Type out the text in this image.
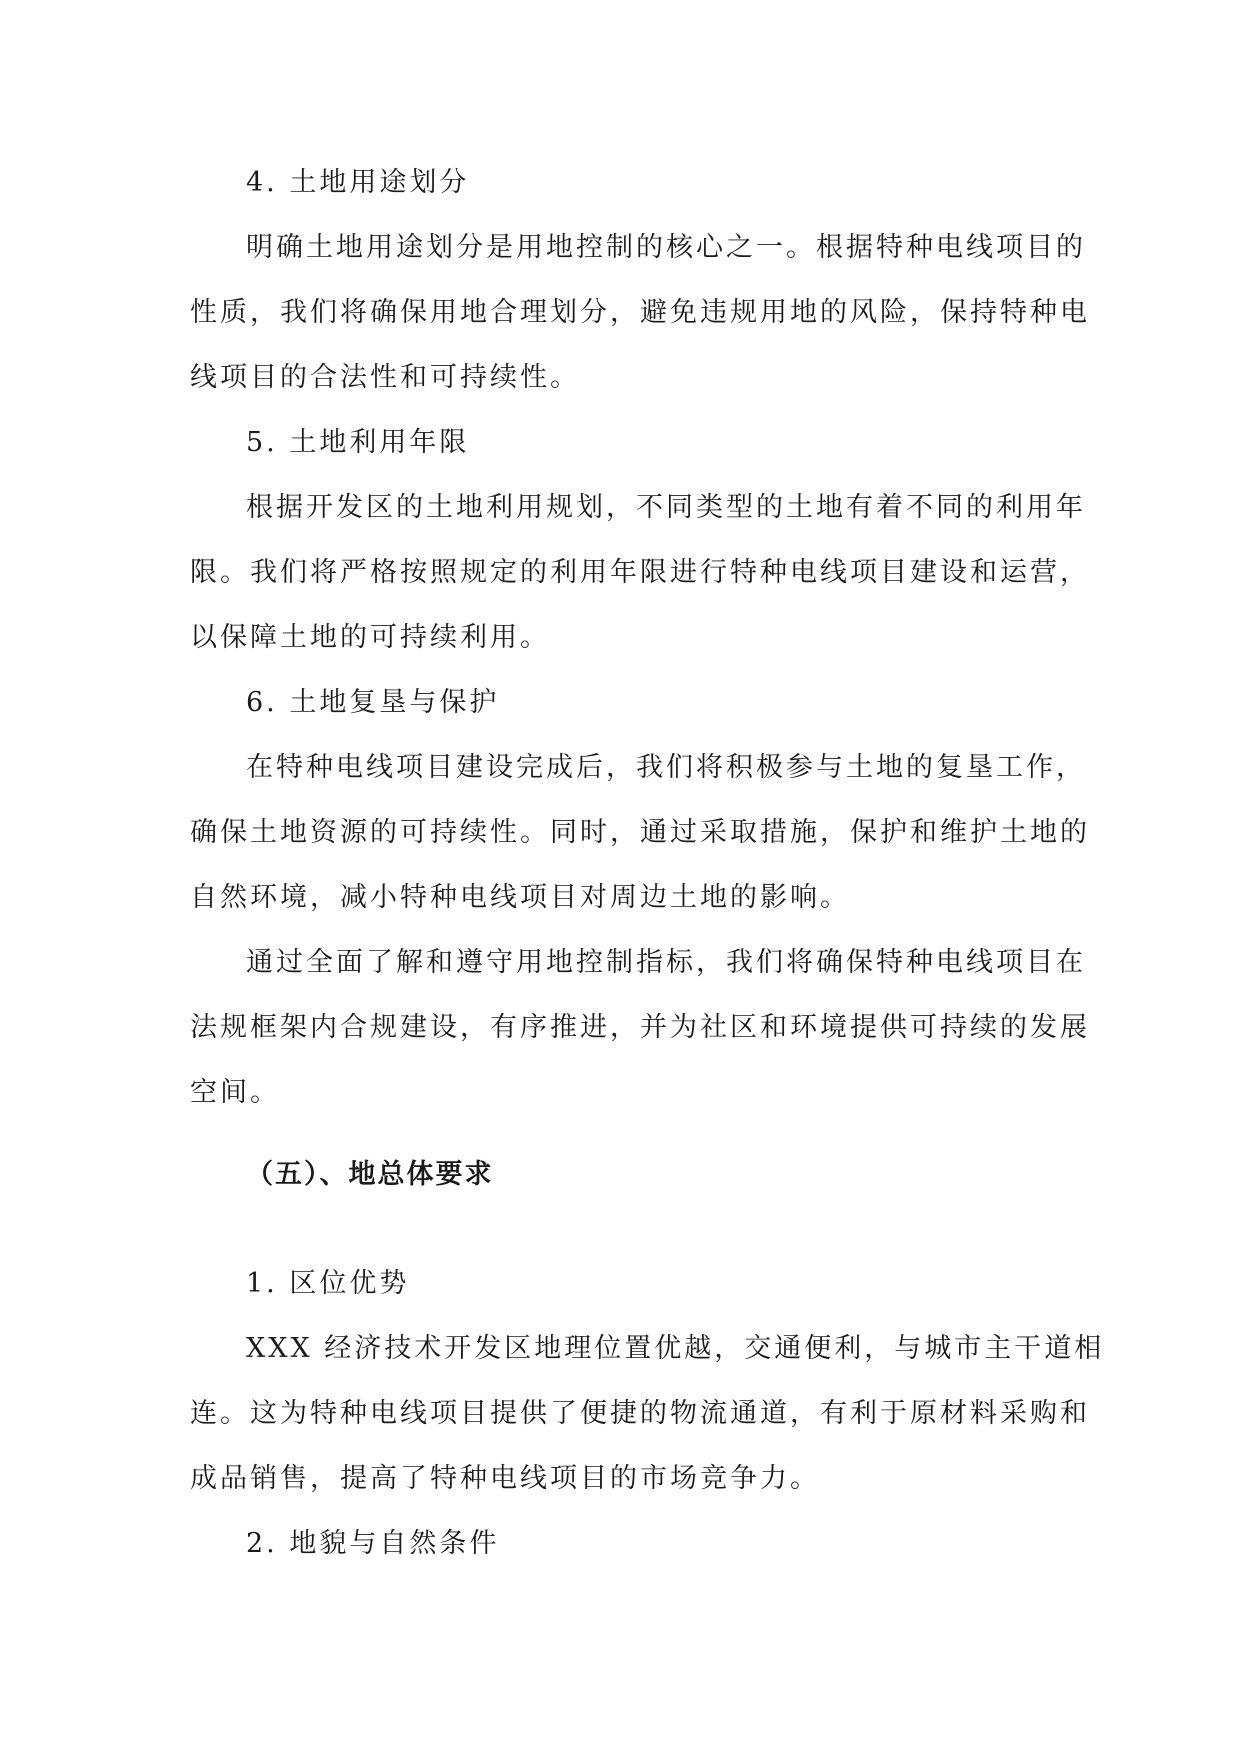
4. 土地用途划分
明确土地用途划分是用地控制的核心之一。根据特种电线项目的
性质，我们将确保用地合理划分，避免违规用地的风险，保持特种电
线项目的合法性和可持续性。
5. 土地利用年限
根据开发区的土地利用规划，不同类型的土地有着不同的利用年
限。我们将严格按照规定的利用年限进行特种电线项目建设和运营，
以保障土地的可持续利用。
6. 土地复垦与保护
在特种电线项目建设完成后，我们将积极参与土地的复垦工作，
确保土地资源的可持续性。同时，通过采取措施，保护和维护土地的
自然环境，减小特种电线项目对周边土地的影响。
通过全面了解和遵守用地控制指标，我们将确保特种电线项目在
法规框架内合规建设，有序推进，并为社区和环境提供可持续的发展
空间。
（五）、地总体要求
1. 区位优势
XXX 经济技术开发区地理位置优越，交通便利，与城市主干道相
连。这为特种电线项目提供了便捷的物流通道，有利于原材料采购和
成品销售，提高了特种电线项目的市场竞争力。
2. 地貌与自然条件
